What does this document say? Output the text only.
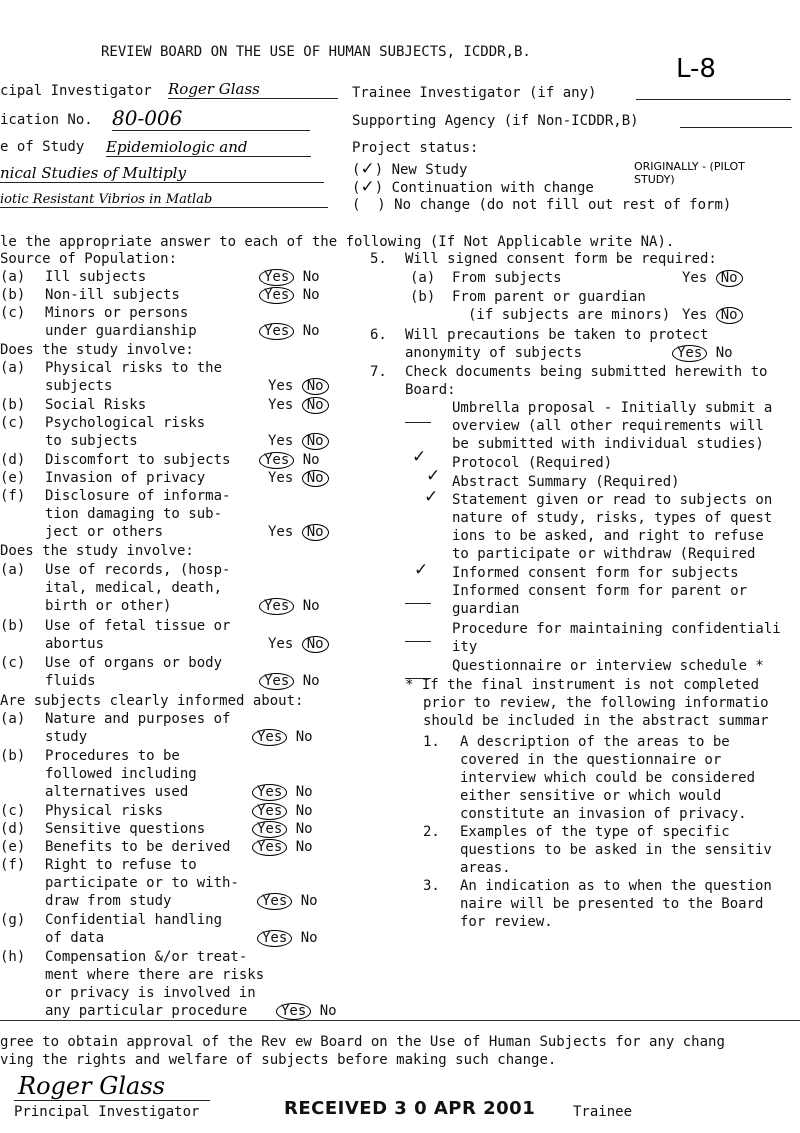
REVIEW BOARD ON THE USE OF HUMAN SUBJECTS, ICDDR,B.
L-8
cipal Investigator Roger Glass	Trainee Investigator (if any)
ication No. 80-006	Supporting Agency (if Non-ICDDR,B)
e of Study Epidemiologic and
nical Studies of Multiply
iotic Resistant Vibrios in Matlab
Project status:
(✓) New Study
(✓) Continuation with change
ORIGINALLY - (PILOT STUDY)
( ) No change (do not fill out rest of form)
le the appropriate answer to each of the following (If Not Applicable write NA).
Source of Population:
(a) Ill subjects	Yes No
(b) Non-ill subjects	Yes No
(c) Minors or persons
under guardianship	Yes No
Does the study involve:
(a) Physical risks to the
subjects	Yes No
(b) Social Risks	Yes No
(c) Psychological risks
to subjects	Yes No
(d) Discomfort to subjects	Yes No
(e) Invasion of privacy	Yes No
(f) Disclosure of informa-
tion damaging to sub-
ject or others	Yes No
Does the study involve:
(a) Use of records, (hosp-
ital, medical, death,
birth or other)	Yes No
(b) Use of fetal tissue or
abortus	Yes No
(c) Use of organs or body
fluids	Yes No
Are subjects clearly informed about:
(a) Nature and purposes of
study	Yes No
(b) Procedures to be
followed including
alternatives used	Yes No
(c) Physical risks	Yes No
(d) Sensitive questions	Yes No
(e) Benefits to be derived	Yes No
(f) Right to refuse to
participate or to with-
draw from study	Yes No
(g) Confidential handling
of data	Yes No
(h) Compensation &/or treat-
ment where there are risks
or privacy is involved in
any particular procedure	Yes No
5. Will signed consent form be required:
(a) From subjects	Yes No
(b) From parent or guardian
(if subjects are minors) Yes No
6. Will precautions be taken to protect
anonymity of subjects	Yes No
7. Check documents being submitted herewith to
Board:
Umbrella proposal - Initially submit a
overview (all other requirements will
be submitted with individual studies)
✓ Protocol (Required)
✓ Abstract Summary (Required)
✓ Statement given or read to subjects on
nature of study, risks, types of quest
ions to be asked, and right to refuse
to participate or withdraw (Required
✓ Informed consent form for subjects
Informed consent form for parent or
guardian
Procedure for maintaining confidentiali
ity
Questionnaire or interview schedule *
* If the final instrument is not completed
prior to review, the following informatio
should be included in the abstract summar
1. A description of the areas to be
covered in the questionnaire or
interview which could be considered
either sensitive or which would
constitute an invasion of privacy.
2. Examples of the type of specific
questions to be asked in the sensitiv
areas.
3. An indication as to when the question
naire will be presented to the Board
for review.
gree to obtain approval of the Rev ew Board on the Use of Human Subjects for any chang
ving the rights and welfare of subjects before making such change.
Roger Glass
Principal Investigator	RECEIVED 3 0 APR 2001	Trainee
